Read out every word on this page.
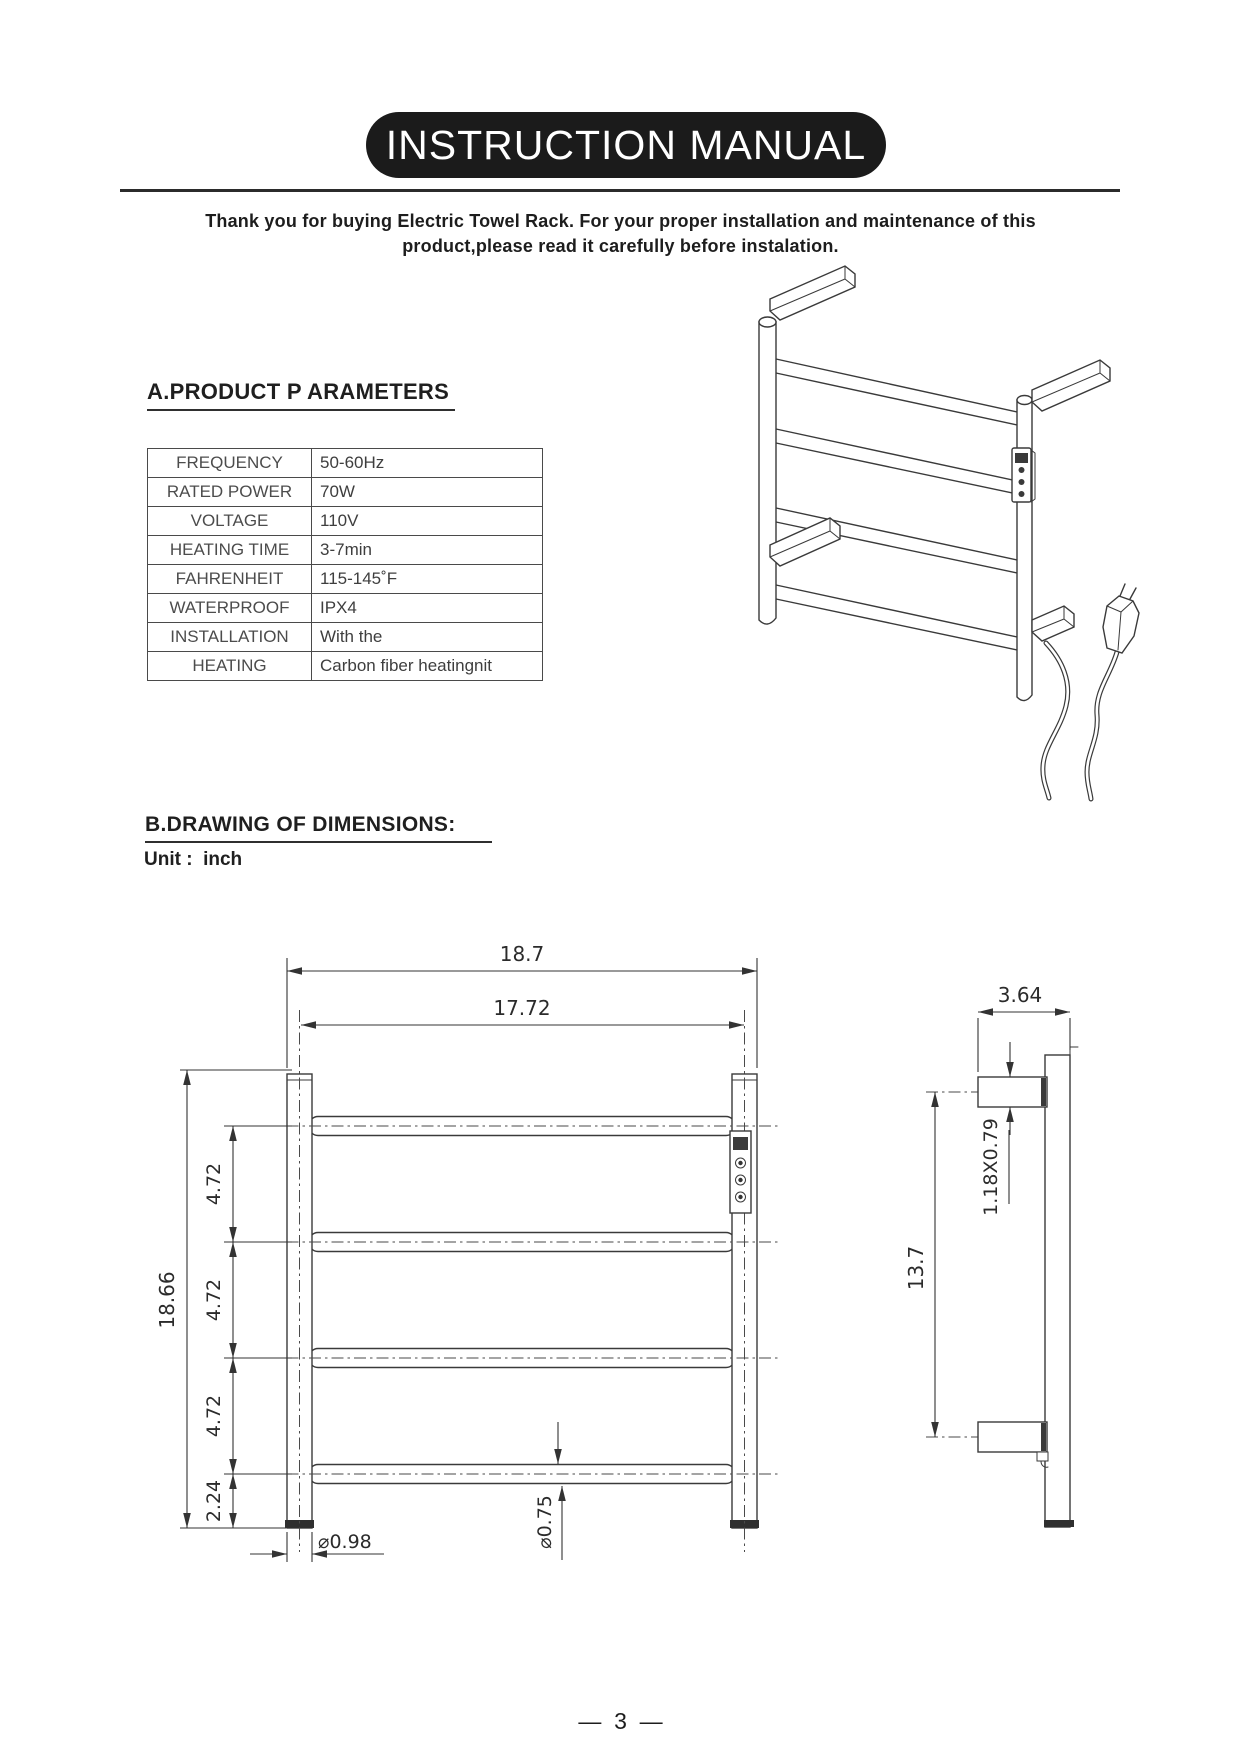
INSTRUCTION MANUAL
Thank you for buying Electric Towel Rack. For your proper installation and maintenance of this
product,please read it carefully before instalation.
A.PRODUCT P ARAMETERS
FREQUENCY	50-60Hz
RATED POWER	70W
VOLTAGE	110V
HEATING TIME	3-7min
FAHRENHEIT	115-145˚F
WATERPROOF	IPX4
INSTALLATION	With the
HEATING	Carbon fiber heatingnit
B.DRAWING OF DIMENSIONS:
Unit :  inch
18.7
17.72
18.66
4.72
4.72
4.72
2.24
⌀0.98	⌀0.75
3.64
1.18X0.79
13.7
—  3  —
